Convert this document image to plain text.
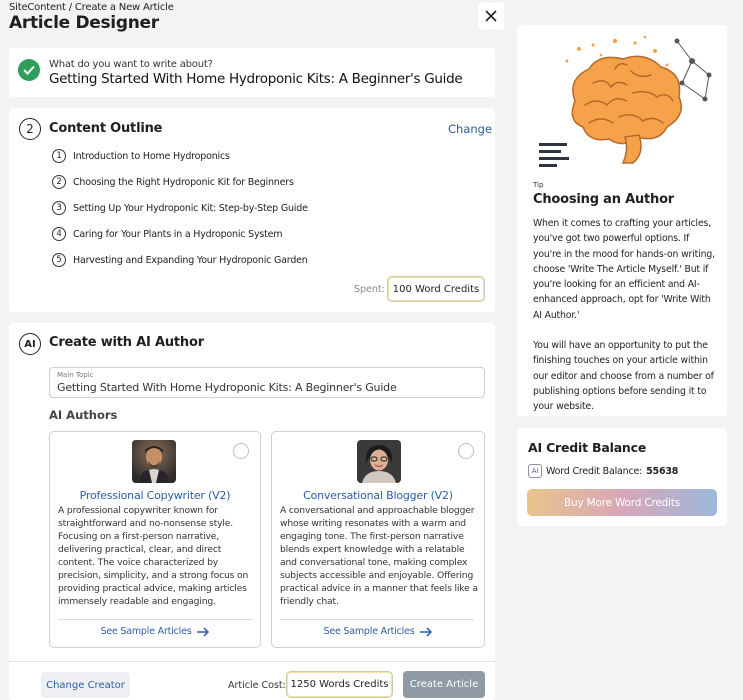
SiteContent / Create a New Article
Article Designer
What do you want to write about?
Getting Started With Home Hydroponic Kits: A Beginner's Guide
2	Content Outline	Change
1	Introduction to Home Hydroponics
2	Choosing the Right Hydroponic Kit for Beginners
3	Setting Up Your Hydroponic Kit: Step-by-Step Guide
4	Caring for Your Plants in a Hydroponic System
5	Harvesting and Expanding Your Hydroponic Garden
Spent: 100 Word Credits
AI	Create with AI Author
Main Topic
Getting Started With Home Hydroponic Kits: A Beginner's Guide
AI Authors
Professional Copywriter (V2)
A professional copywriter known for straightforward and no-nonsense style. Focusing on a first-person narrative, delivering practical, clear, and direct content. The voice characterized by precision, simplicity, and a strong focus on providing practical advice, making articles immensely readable and engaging.
See Sample Articles
Conversational Blogger (V2)
A conversational and approachable blogger whose writing resonates with a warm and engaging tone. The first-person narrative blends expert knowledge with a relatable and conversational tone, making complex subjects accessible and enjoyable. Offering practical advice in a manner that feels like a friendly chat.
See Sample Articles
Change Creator	Article Cost: 1250 Words Credits	Create Article
Tip
Choosing an Author

When it comes to crafting your articles, you've got two powerful options. If you're in the mood for hands-on writing, choose 'Write The Article Myself.' But if you're looking for an efficient and AI-enhanced approach, opt for 'Write With AI Author.'

You will have an opportunity to put the finishing touches on your article within our editor and choose from a number of publishing options before sending it to your website.

AI Credit Balance
AI Word Credit Balance: 55638
Buy More Word Credits
